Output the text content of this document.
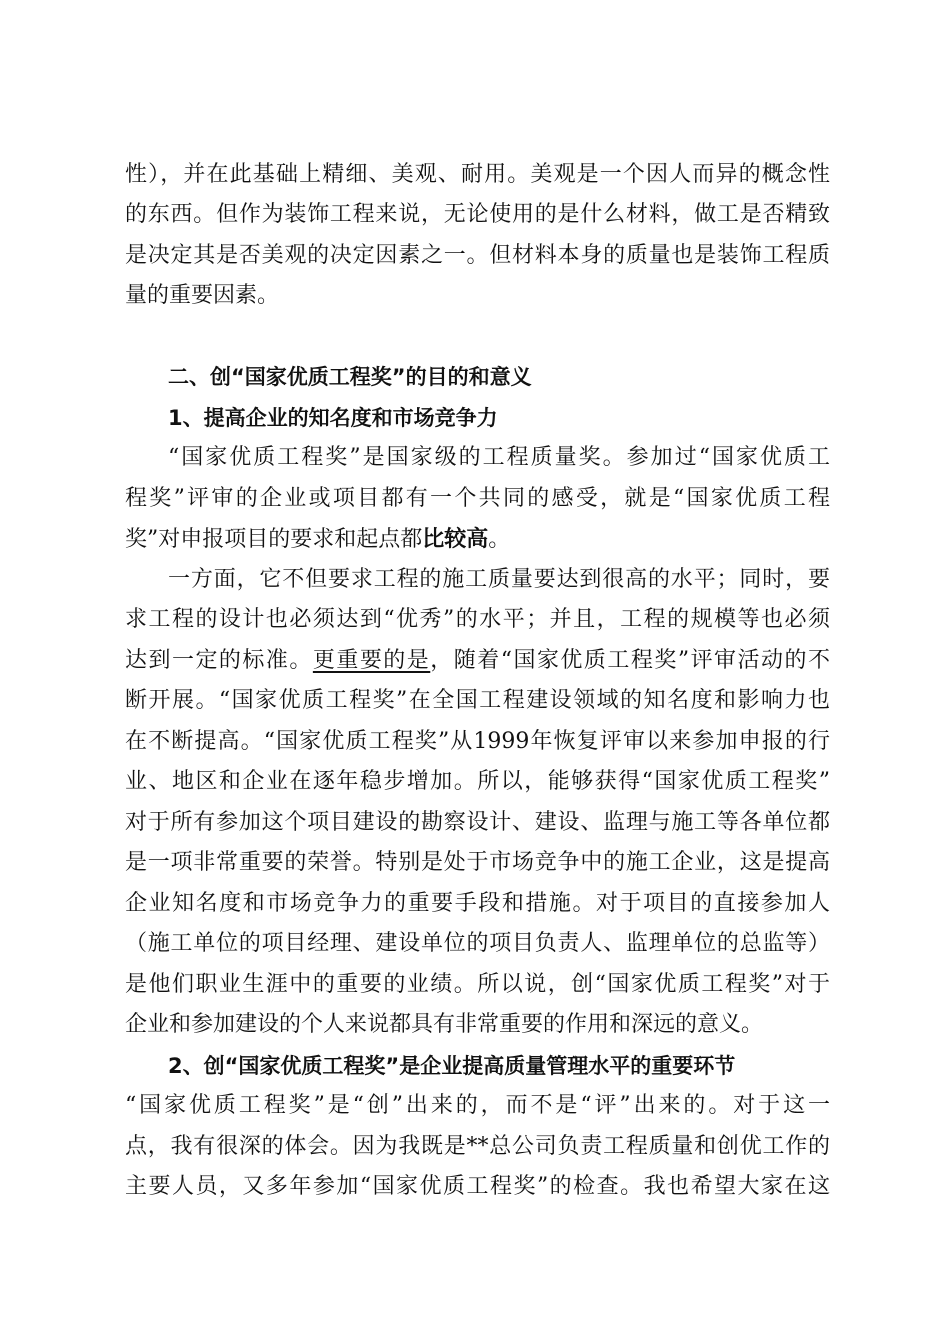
性），并在此基础上精细、美观、耐用。美观是一个因人而异的概念性
的东西。但作为装饰工程来说，无论使用的是什么材料，做工是否精致
是决定其是否美观的决定因素之一。但材料本身的质量也是装饰工程质
量的重要因素。
二、创“国家优质工程奖”的目的和意义
1、提高企业的知名度和市场竞争力
“国家优质工程奖”是国家级的工程质量奖。参加过“国家优质工
程奖”评审的企业或项目都有一个共同的感受，就是“国家优质工程
奖”对申报项目的要求和起点都比较高。
一方面，它不但要求工程的施工质量要达到很高的水平；同时，要
求工程的设计也必须达到“优秀”的水平；并且，工程的规模等也必须
达到一定的标准。更重要的是，随着“国家优质工程奖”评审活动的不
断开展。“国家优质工程奖”在全国工程建设领域的知名度和影响力也
在不断提高。“国家优质工程奖”从1999年恢复评审以来参加申报的行
业、地区和企业在逐年稳步增加。所以，能够获得“国家优质工程奖”
对于所有参加这个项目建设的勘察设计、建设、监理与施工等各单位都
是一项非常重要的荣誉。特别是处于市场竞争中的施工企业，这是提高
企业知名度和市场竞争力的重要手段和措施。对于项目的直接参加人
（施工单位的项目经理、建设单位的项目负责人、监理单位的总监等）
是他们职业生涯中的重要的业绩。所以说，创“国家优质工程奖”对于
企业和参加建设的个人来说都具有非常重要的作用和深远的意义。
2、创“国家优质工程奖”是企业提高质量管理水平的重要环节
“国家优质工程奖”是“创”出来的，而不是“评”出来的。对于这一
点，我有很深的体会。因为我既是**总公司负责工程质量和创优工作的
主要人员，又多年参加“国家优质工程奖”的检查。我也希望大家在这
